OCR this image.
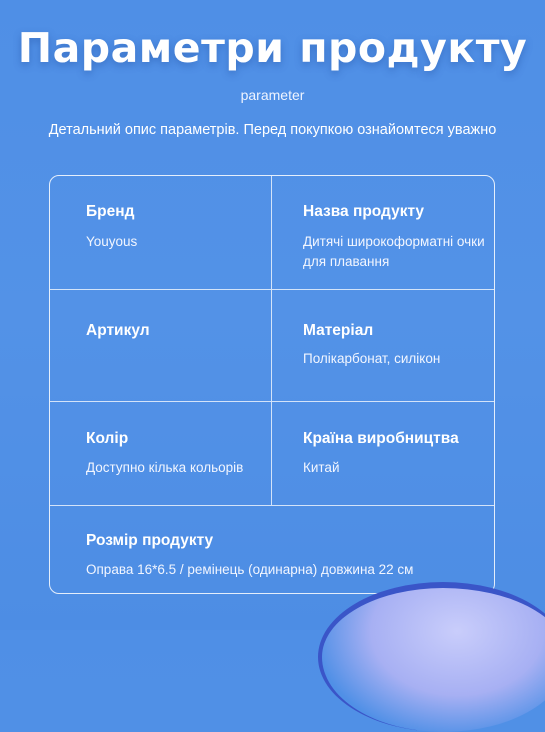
Параметри продукту
parameter
Детальний опис параметрів. Перед покупкою ознайомтеся уважно
Бренд
Youyous
Назва продукту
Дитячі широкоформатні очки для плавання
Артикул	Матеріал
Полікарбонат, силікон
Колір
Доступно кілька кольорів
Країна виробництва
Китай
Розмір продукту
Оправа 16*6.5 / ремінець (одинарна) довжина 22 см
